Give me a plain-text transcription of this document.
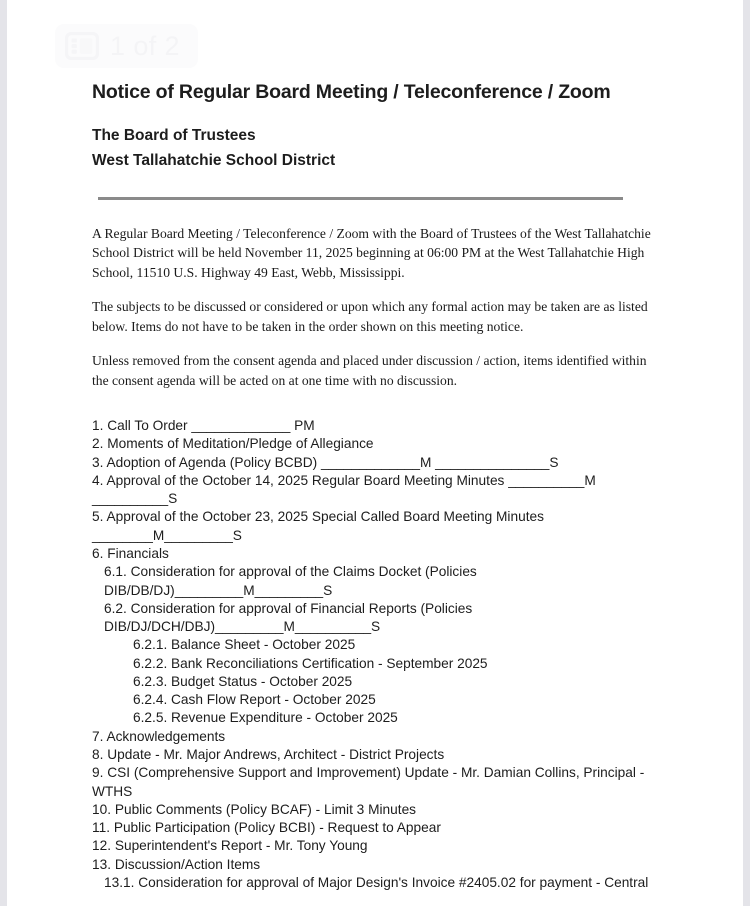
1 of 2
Notice of Regular Board Meeting / Teleconference / Zoom
The Board of Trustees
West Tallahatchie School District

A Regular Board Meeting / Teleconference / Zoom with the Board of Trustees of the West Tallahatchie School District will be held November 11, 2025 beginning at 06:00 PM at the West Tallahatchie High School, 11510 U.S. Highway 49 East, Webb, Mississippi.

The subjects to be discussed or considered or upon which any formal action may be taken are as listed below. Items do not have to be taken in the order shown on this meeting notice.

Unless removed from the consent agenda and placed under discussion / action, items identified within the consent agenda will be acted on at one time with no discussion.

1. Call To Order _____________ PM
2. Moments of Meditation/Pledge of Allegiance
3. Adoption of Agenda (Policy BCBD) _____________M _______________S
4. Approval of the October 14, 2025 Regular Board Meeting Minutes __________M __________S
5. Approval of the October 23, 2025 Special Called Board Meeting Minutes ________M_________S
6. Financials
6.1. Consideration for approval of the Claims Docket (Policies DIB/DB/DJ)_________M_________S
6.2. Consideration for approval of Financial Reports (Policies DIB/DJ/DCH/DBJ)_________M__________S
6.2.1. Balance Sheet - October 2025
6.2.2. Bank Reconciliations Certification - September 2025
6.2.3. Budget Status - October 2025
6.2.4. Cash Flow Report - October 2025
6.2.5. Revenue Expenditure - October 2025
7. Acknowledgements
8. Update - Mr. Major Andrews, Architect - District Projects
9. CSI (Comprehensive Support and Improvement) Update - Mr. Damian Collins, Principal - WTHS
10. Public Comments (Policy BCAF) - Limit 3 Minutes
11. Public Participation (Policy BCBI) - Request to Appear
12. Superintendent's Report - Mr. Tony Young
13. Discussion/Action Items
13.1. Consideration for approval of Major Design's Invoice #2405.02 for payment - Central
